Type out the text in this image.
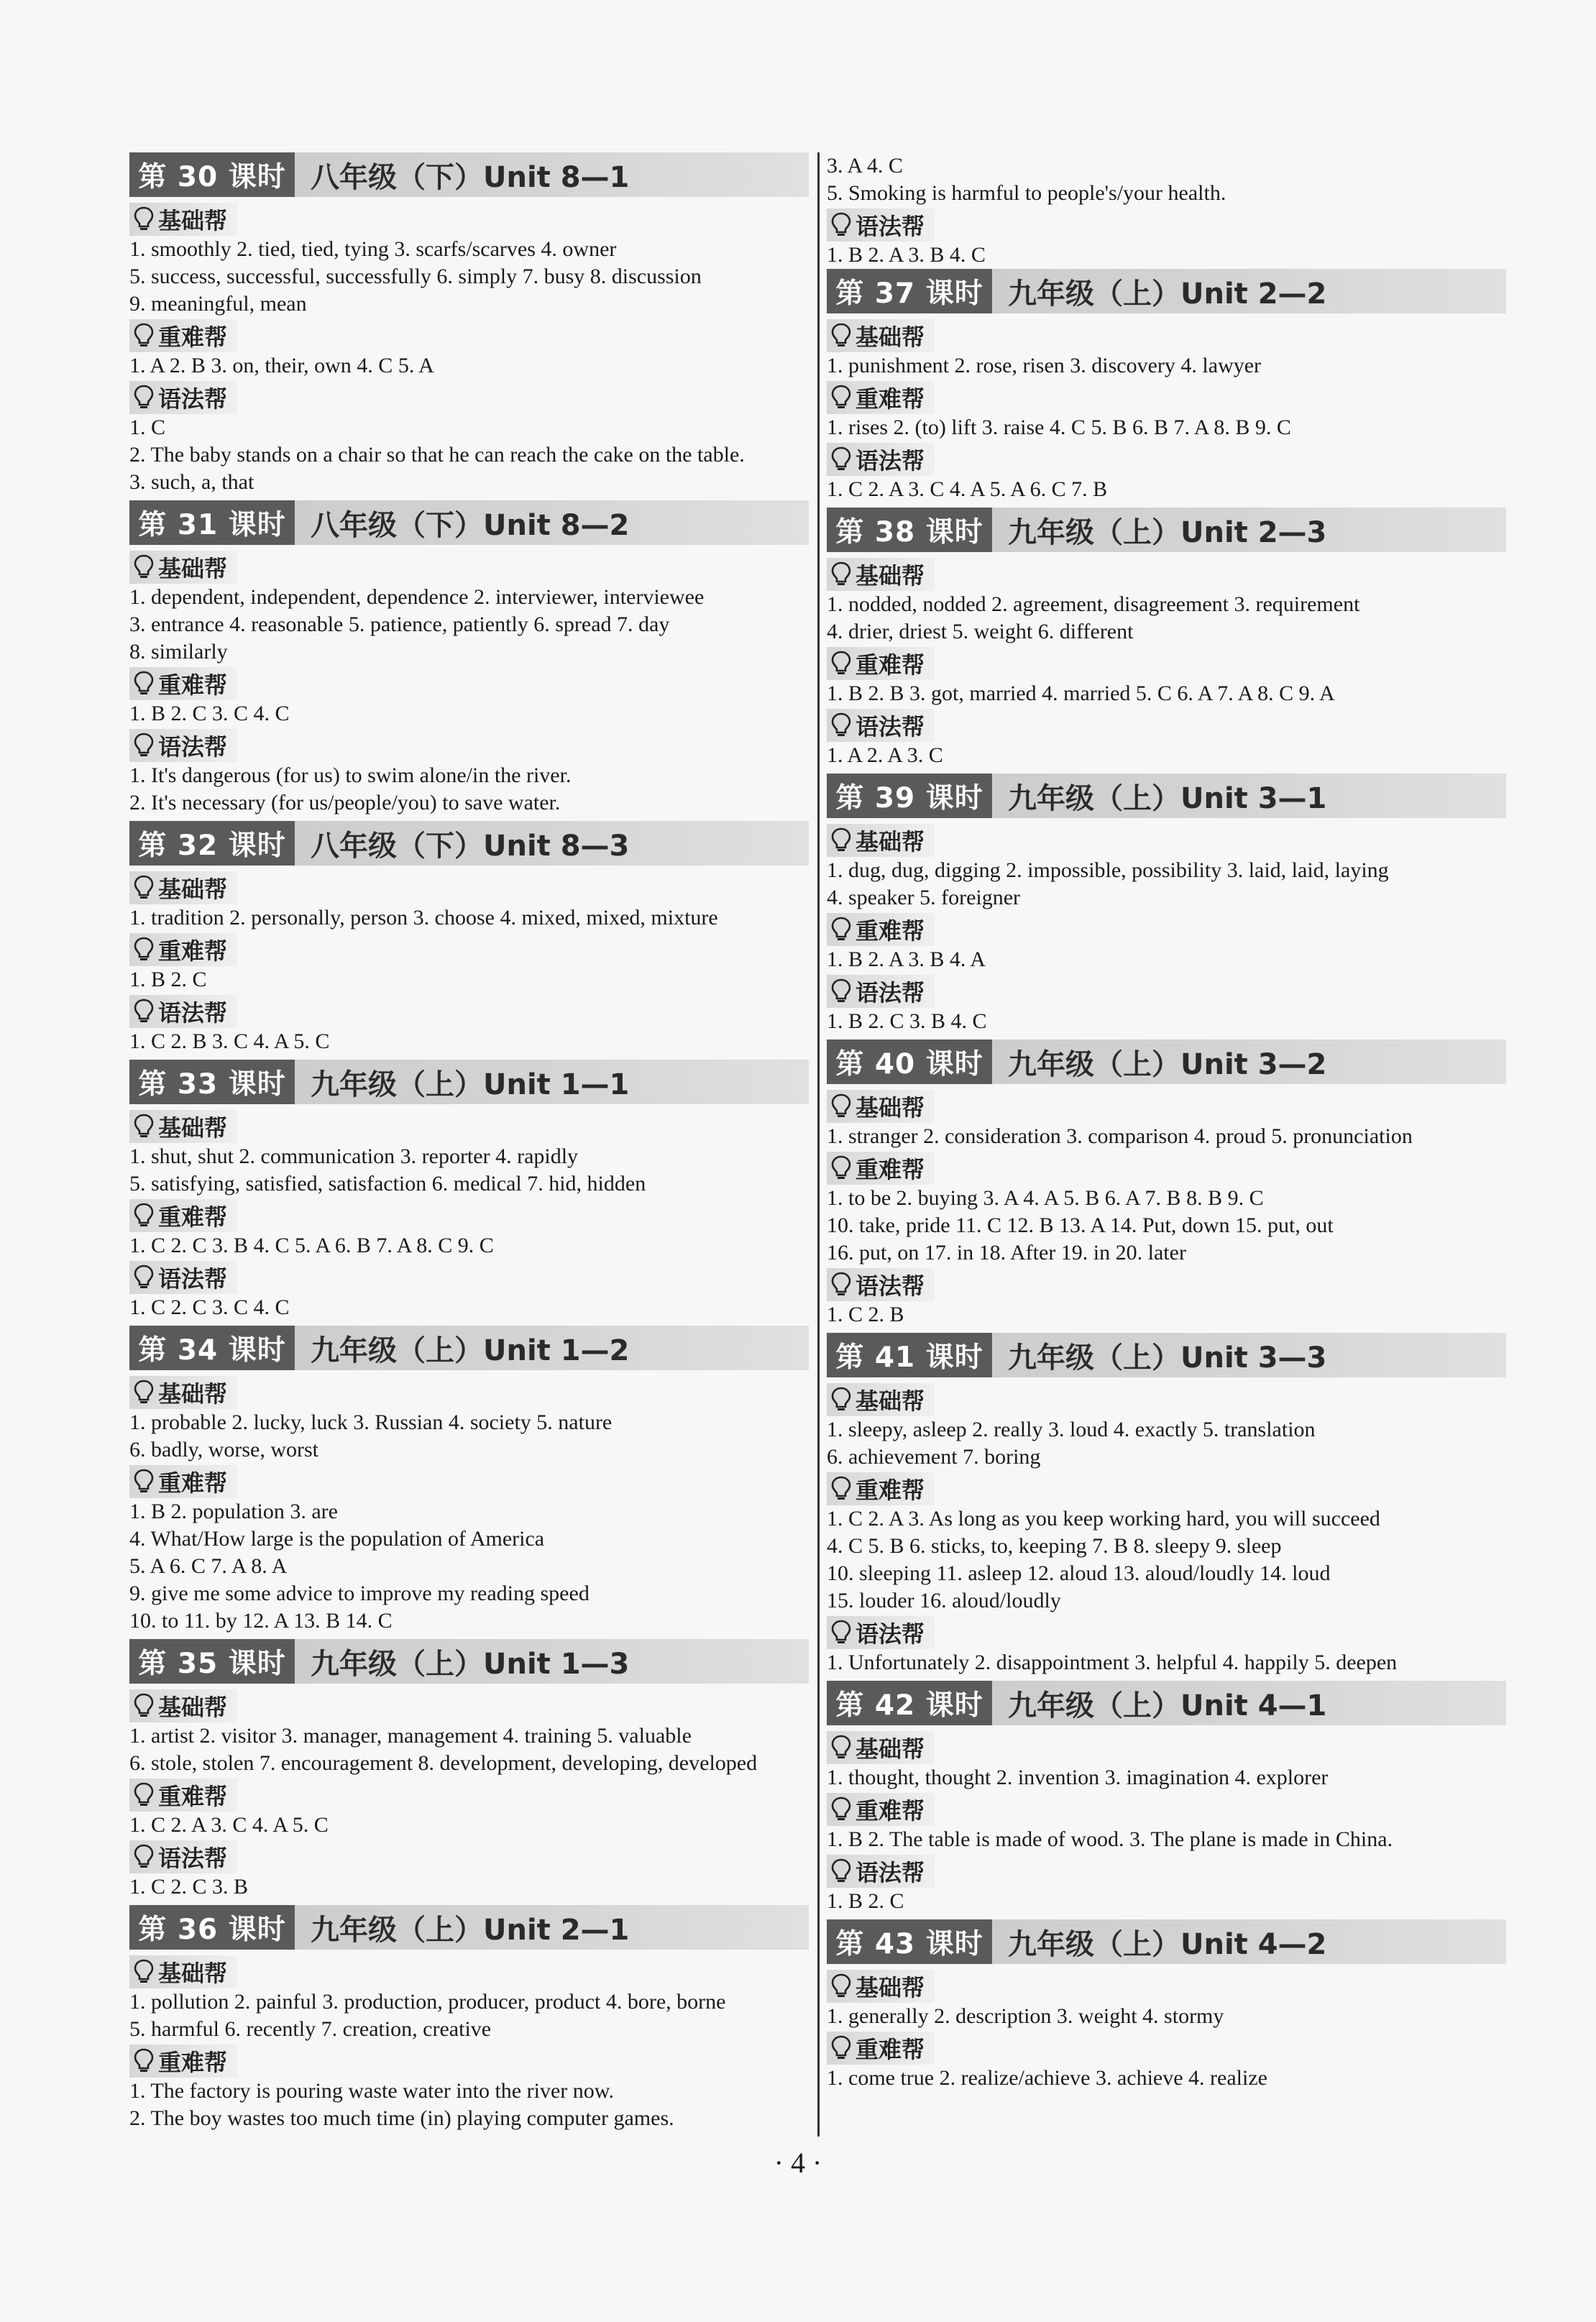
第 30 课时 八年级（下）Unit 8—1
基础帮
1. smoothly 2. tied, tied, tying 3. scarfs/scarves 4. owner
5. success, successful, successfully 6. simply 7. busy 8. discussion
9. meaningful, mean
重难帮
1. A 2. B 3. on, their, own 4. C 5. A
语法帮
1. C
2. The baby stands on a chair so that he can reach the cake on the table.
3. such, a, that
第 31 课时 八年级（下）Unit 8—2
基础帮
1. dependent, independent, dependence 2. interviewer, interviewee
3. entrance 4. reasonable 5. patience, patiently 6. spread 7. day
8. similarly
重难帮
1. B 2. C 3. C 4. C
语法帮
1. It's dangerous (for us) to swim alone/in the river.
2. It's necessary (for us/people/you) to save water.
第 32 课时 八年级（下）Unit 8—3
基础帮
1. tradition 2. personally, person 3. choose 4. mixed, mixed, mixture
重难帮
1. B 2. C
语法帮
1. C 2. B 3. C 4. A 5. C
第 33 课时 九年级（上）Unit 1—1
基础帮
1. shut, shut 2. communication 3. reporter 4. rapidly
5. satisfying, satisfied, satisfaction 6. medical 7. hid, hidden
重难帮
1. C 2. C 3. B 4. C 5. A 6. B 7. A 8. C 9. C
语法帮
1. C 2. C 3. C 4. C
第 34 课时 九年级（上）Unit 1—2
基础帮
1. probable 2. lucky, luck 3. Russian 4. society 5. nature
6. badly, worse, worst
重难帮
1. B 2. population 3. are
4. What/How large is the population of America
5. A 6. C 7. A 8. A
9. give me some advice to improve my reading speed
10. to 11. by 12. A 13. B 14. C
第 35 课时 九年级（上）Unit 1—3
基础帮
1. artist 2. visitor 3. manager, management 4. training 5. valuable
6. stole, stolen 7. encouragement 8. development, developing, developed
重难帮
1. C 2. A 3. C 4. A 5. C
语法帮
1. C 2. C 3. B
第 36 课时 九年级（上）Unit 2—1
基础帮
1. pollution 2. painful 3. production, producer, product 4. bore, borne
5. harmful 6. recently 7. creation, creative
重难帮
1. The factory is pouring waste water into the river now.
2. The boy wastes too much time (in) playing computer games.
3. A 4. C
5. Smoking is harmful to people's/your health.
语法帮
1. B 2. A 3. B 4. C
第 37 课时 九年级（上）Unit 2—2
基础帮
1. punishment 2. rose, risen 3. discovery 4. lawyer
重难帮
1. rises 2. (to) lift 3. raise 4. C 5. B 6. B 7. A 8. B 9. C
语法帮
1. C 2. A 3. C 4. A 5. A 6. C 7. B
第 38 课时 九年级（上）Unit 2—3
基础帮
1. nodded, nodded 2. agreement, disagreement 3. requirement
4. drier, driest 5. weight 6. different
重难帮
1. B 2. B 3. got, married 4. married 5. C 6. A 7. A 8. C 9. A
语法帮
1. A 2. A 3. C
第 39 课时 九年级（上）Unit 3—1
基础帮
1. dug, dug, digging 2. impossible, possibility 3. laid, laid, laying
4. speaker 5. foreigner
重难帮
1. B 2. A 3. B 4. A
语法帮
1. B 2. C 3. B 4. C
第 40 课时 九年级（上）Unit 3—2
基础帮
1. stranger 2. consideration 3. comparison 4. proud 5. pronunciation
重难帮
1. to be 2. buying 3. A 4. A 5. B 6. A 7. B 8. B 9. C
10. take, pride 11. C 12. B 13. A 14. Put, down 15. put, out
16. put, on 17. in 18. After 19. in 20. later
语法帮
1. C 2. B
第 41 课时 九年级（上）Unit 3—3
基础帮
1. sleepy, asleep 2. really 3. loud 4. exactly 5. translation
6. achievement 7. boring
重难帮
1. C 2. A 3. As long as you keep working hard, you will succeed
4. C 5. B 6. sticks, to, keeping 7. B 8. sleepy 9. sleep
10. sleeping 11. asleep 12. aloud 13. aloud/loudly 14. loud
15. louder 16. aloud/loudly
语法帮
1. Unfortunately 2. disappointment 3. helpful 4. happily 5. deepen
第 42 课时 九年级（上）Unit 4—1
基础帮
1. thought, thought 2. invention 3. imagination 4. explorer
重难帮
1. B 2. The table is made of wood. 3. The plane is made in China.
语法帮
1. B 2. C
第 43 课时 九年级（上）Unit 4—2
基础帮
1. generally 2. description 3. weight 4. stormy
重难帮
1. come true 2. realize/achieve 3. achieve 4. realize
· 4 ·
